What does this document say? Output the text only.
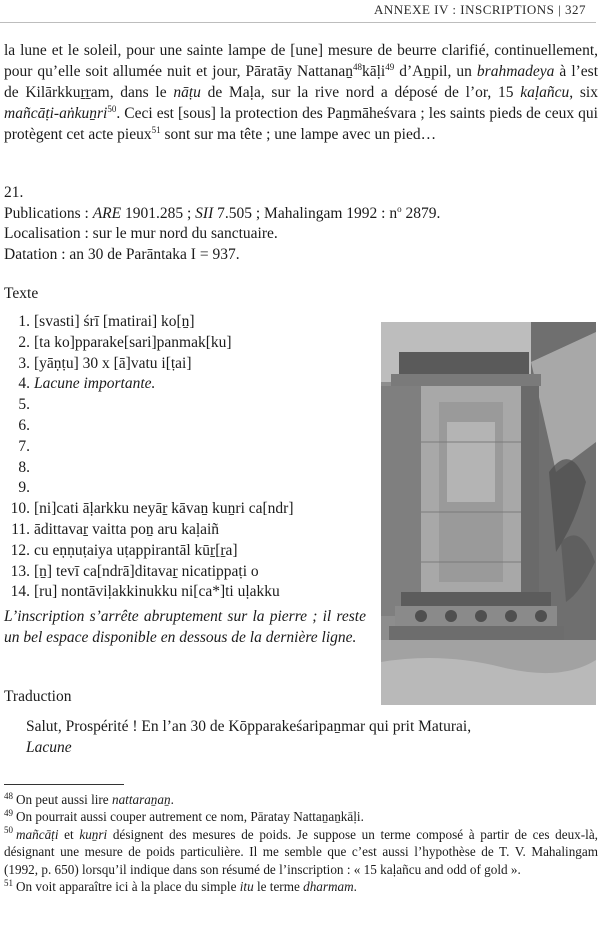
ANNEXE IV : INSCRIPTIONS | 327

la lune et le soleil, pour une sainte lampe de [une] mesure de beurre clarifié, continuellement, pour qu’elle soit allumée nuit et jour, Pāratāy Nattanaṉ$^{48}$kāḷi$^{49}$ d’Aṉpil, un brahmadeya à l’est de Kilārkkuṟṟam, dans le nāṭu de Maḷa, sur la rive nord a déposé de l’or, 15 kaḷañcu, six mañcāṭi-aṅkuṉri$^{50}$. Ceci est [sous] la protection des Paṉmāheśvara ; les saints pieds de ceux qui protègent cet acte pieux$^{51}$ sont sur ma tête ; une lampe avec un pied…

21.
Publications : ARE 1901.285 ; SII 7.505 ; Mahalingam 1992 : $n^o$ 2879.
Localisation : sur le mur nord du sanctuaire.
Datation : an 30 de Parāntaka I = 937.
Texte
1. [svasti] śrī [matirai] ko[ṉ]
2. [ta ko]pparake[sari]panmak[ku]
3. [yāṇṭu] 30 x [ā]vatu i[ṭai]
4. Lacune importante.
5.
6.
7.
8.
9.
10. [ni]cati āḷarkku neyāṟ kāvaṉ kuṉri ca[ndr]
11. ādittavaṟ vaitta poṉ aru kaḷaiñ
12. cu eṇṇuṭaiya uṭappirantāl kūṟ[ṟa]
13. [ṉ] tevī ca[ndrā]ditavaṟ nicatippaṭi o
14. [ru] nontāviḷakkinukku ni[ca*]ti uḷakku

L’inscription s’arrête abruptement sur la pierre ; il reste un bel espace disponible en dessous de la dernière ligne.

Traduction
Salut, Prospérité ! En l’an 30 de Kōpparakeśaripaṉmar qui prit Maturai,
Lacune
$^{48}$ On peut aussi lire nattaraṉaṉ.
$^{49}$ On pourrait aussi couper autrement ce nom, Pāratay Nattaṉaṉkāḷi.
$^{50}$ mañcāṭi et kuṉri désignent des mesures de poids. Je suppose un terme composé à partir de ces deux-là, désignant une mesure de poids particulière. Il me semble que c’est aussi l’hypothèse de T. V. Mahalingam (1992, p. 650) lorsqu’il indique dans son résumé de l’inscription : « 15 kaḷañcu and odd of gold ».
$^{51}$ On voit apparaître ici à la place du simple itu le terme dharmam.
